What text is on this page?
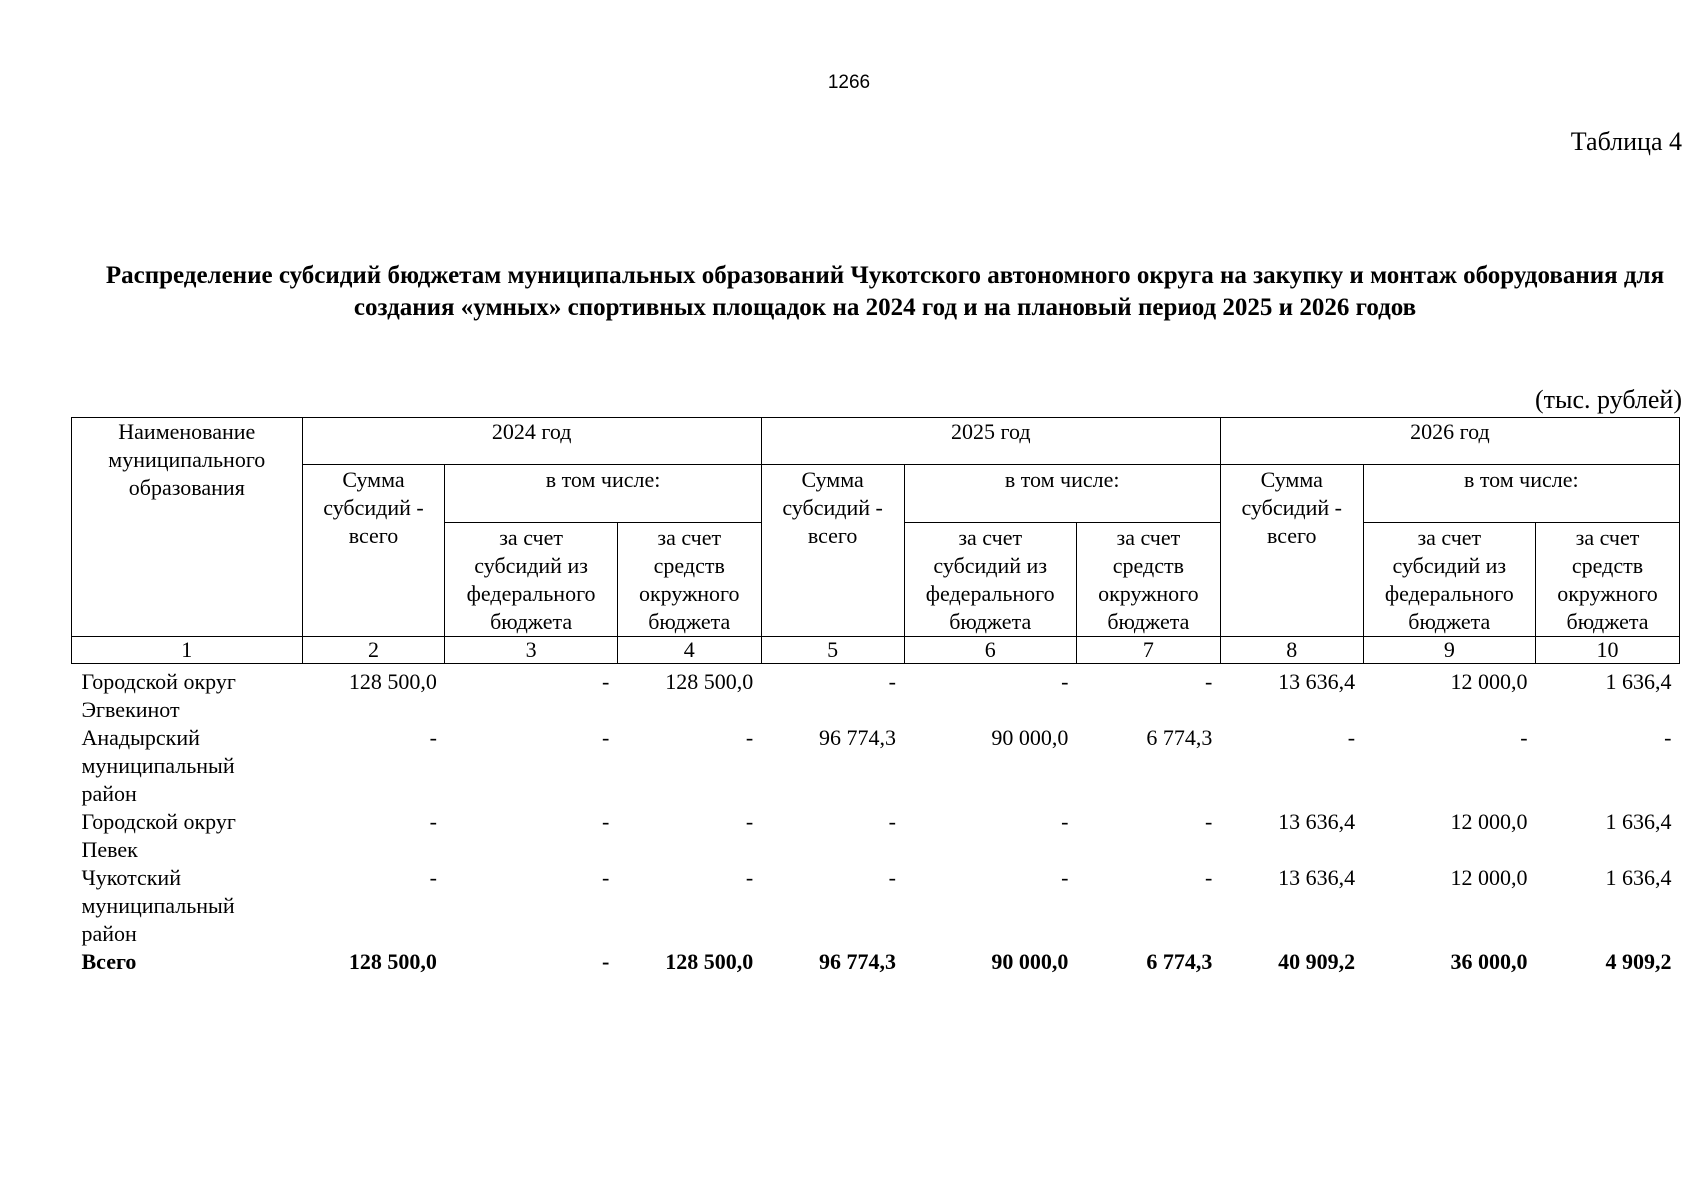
1266
Таблица 4
Распределение субсидий бюджетам муниципальных образований Чукотского автономного округа на закупку и монтаж оборудования для создания «умных» спортивных площадок на 2024 год и на плановый период 2025 и 2026 годов
(тыс. рублей)
Наименование муниципального образования	2024 год			2025 год			2026 год		
	Сумма субсидий - всего	в том числе:		Сумма субсидий - всего	в том числе:		Сумма субсидий - всего	в том числе:	
		за счет субсидий из федерального бюджета	за счет средств окружного бюджета		за счет субсидий из федерального бюджета	за счет средств окружного бюджета		за счет субсидий из федерального бюджета	за счет средств окружного бюджета
1	2	3	4	5	6	7	8	9	10
Городской округ Эгвекинот	128 500,0	-	128 500,0	-	-	-	13 636,4	12 000,0	1 636,4
Анадырский муниципальный район	-	-	-	96 774,3	90 000,0	6 774,3	-	-	-
Городской округ Певек	-	-	-	-	-	-	13 636,4	12 000,0	1 636,4
Чукотский муниципальный район	-	-	-	-	-	-	13 636,4	12 000,0	1 636,4
Всего	128 500,0	-	128 500,0	96 774,3	90 000,0	6 774,3	40 909,2	36 000,0	4 909,2
